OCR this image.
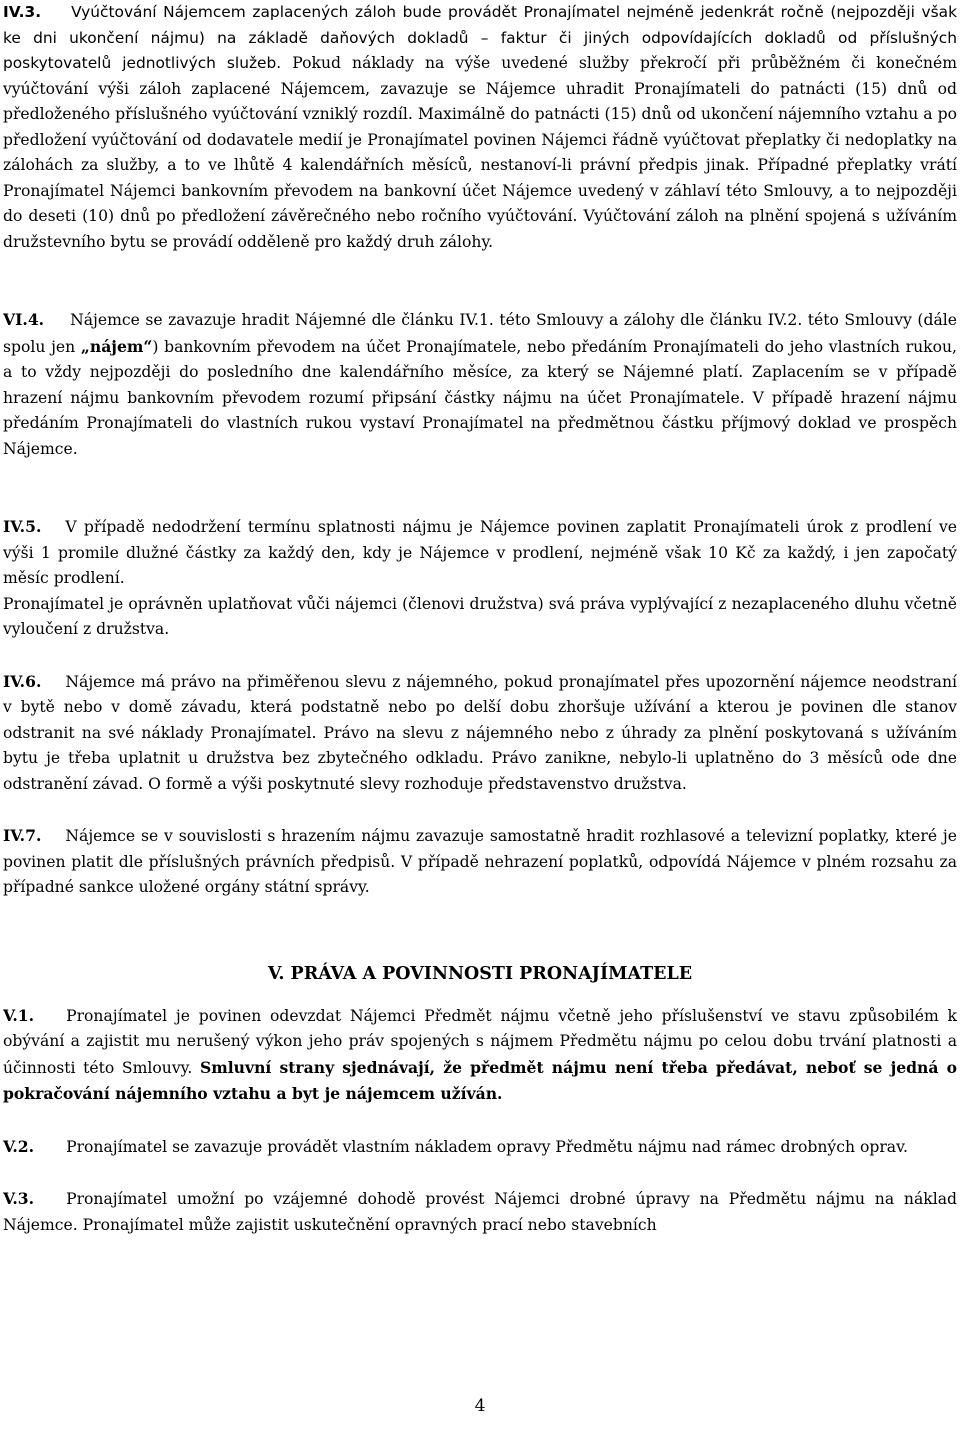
IV.3. Vyúčtování Nájemcem zaplacených záloh bude provádět Pronajímatel nejméně jedenkrát ročně (nejpozději však ke dni ukončení nájmu) na základě daňových dokladů – faktur či jiných odpovídajících dokladů od příslušných poskytovatelů jednotlivých služeb. Pokud náklady na výše uvedené služby překročí při průběžném či konečném vyúčtování výši záloh zaplacené Nájemcem, zavazuje se Nájemce uhradit Pronajímateli do patnácti (15) dnů od předloženého příslušného vyúčtování vzniklý rozdíl. Maximálně do patnácti (15) dnů od ukončení nájemního vztahu a po předložení vyúčtování od dodavatele medií je Pronajímatel povinen Nájemci řádně vyúčtovat přeplatky či nedoplatky na zálohách za služby, a to ve lhůtě 4 kalendářních měsíců, nestanoví-li právní předpis jinak. Případné přeplatky vrátí Pronajímatel Nájemci bankovním převodem na bankovní účet Nájemce uvedený v záhlaví této Smlouvy, a to nejpozději do deseti (10) dnů po předložení závěrečného nebo ročního vyúčtování. Vyúčtování záloh na plnění spojená s užíváním družstevního bytu se provádí odděleně pro každý druh zálohy.

VI.4. Nájemce se zavazuje hradit Nájemné dle článku IV.1. této Smlouvy a zálohy dle článku IV.2. této Smlouvy (dále spolu jen „nájem“) bankovním převodem na účet Pronajímatele, nebo předáním Pronajímateli do jeho vlastních rukou, a to vždy nejpozději do posledního dne kalendářního měsíce, za který se Nájemné platí. Zaplacením se v případě hrazení nájmu bankovním převodem rozumí připsání částky nájmu na účet Pronajímatele. V případě hrazení nájmu předáním Pronajímateli do vlastních rukou vystaví Pronajímatel na předmětnou částku příjmový doklad ve prospěch Nájemce.

IV.5. V případě nedodržení termínu splatnosti nájmu je Nájemce povinen zaplatit Pronajímateli úrok z prodlení ve výši 1 promile dlužné částky za každý den, kdy je Nájemce v prodlení, nejméně však 10 Kč za každý, i jen započatý měsíc prodlení.

Pronajímatel je oprávněn uplatňovat vůči nájemci (členovi družstva) svá práva vyplývající z nezaplaceného dluhu včetně vyloučení z družstva.

IV.6. Nájemce má právo na přiměřenou slevu z nájemného, pokud pronajímatel přes upozornění nájemce neodstraní v bytě nebo v domě závadu, která podstatně nebo po delší dobu zhoršuje užívání a kterou je povinen dle stanov odstranit na své náklady Pronajímatel. Právo na slevu z nájemného nebo z úhrady za plnění poskytovaná s užíváním bytu je třeba uplatnit u družstva bez zbytečného odkladu. Právo zanikne, nebylo-li uplatněno do 3 měsíců ode dne odstranění závad. O formě a výši poskytnuté slevy rozhoduje představenstvo družstva.

IV.7. Nájemce se v souvislosti s hrazením nájmu zavazuje samostatně hradit rozhlasové a televizní poplatky, které je povinen platit dle příslušných právních předpisů. V případě nehrazení poplatků, odpovídá Nájemce v plném rozsahu za případné sankce uložené orgány státní správy.

V. PRÁVA A POVINNOSTI PRONAJÍMATELE

V.1. Pronajímatel je povinen odevzdat Nájemci Předmět nájmu včetně jeho příslušenství ve stavu způsobilém k obývání a zajistit mu nerušený výkon jeho práv spojených s nájmem Předmětu nájmu po celou dobu trvání platnosti a účinnosti této Smlouvy. Smluvní strany sjednávají, že předmět nájmu není třeba předávat, neboť se jedná o pokračování nájemního vztahu a byt je nájemcem užíván.

V.2. Pronajímatel se zavazuje provádět vlastním nákladem opravy Předmětu nájmu nad rámec drobných oprav.

V.3. Pronajímatel umožní po vzájemné dohodě provést Nájemci drobné úpravy na Předmětu nájmu na náklad Nájemce. Pronajímatel může zajistit uskutečnění opravných prací nebo stavebních

4
